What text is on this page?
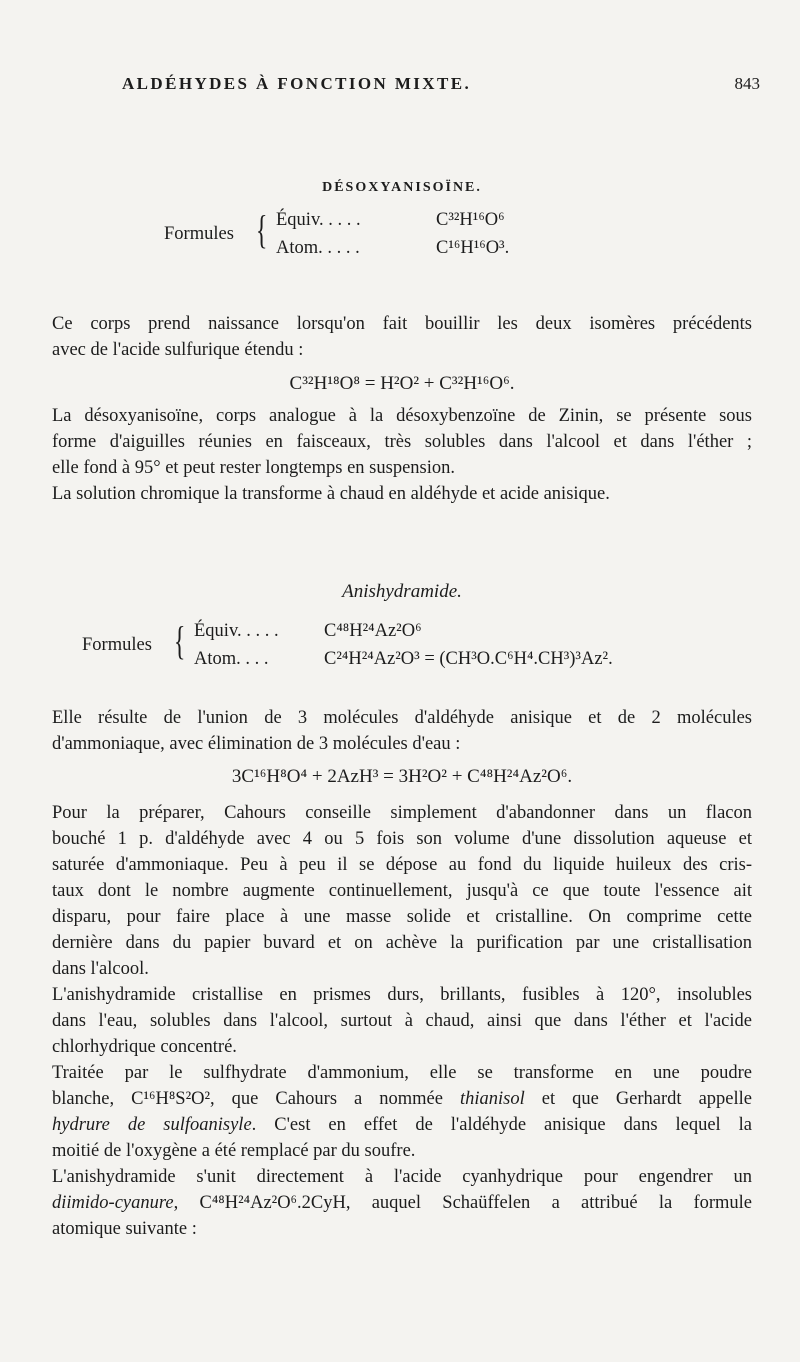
ALDÉHYDES À FONCTION MIXTE.	843
DÉSOXYANISOÏNE.
Formules { Équiv. . . . .	C³²H¹⁶O⁶
Atom. . . . .	C¹⁶H¹⁶O³.

Ce corps prend naissance lorsqu'on fait bouillir les deux isomères précédents
avec de l'acide sulfurique étendu :

C³²H¹⁸O⁸ = H²O² + C³²H¹⁶O⁶.

La désoxyanisoïne, corps analogue à la désoxybenzoïne de Zinin, se présente sous
forme d'aiguilles réunies en faisceaux, très solubles dans l'alcool et dans l'éther ;
elle fond à 95° et peut rester longtemps en suspension.

La solution chromique la transforme à chaud en aldéhyde et acide anisique.

Anishydramide.
Formules { Équiv. . . . . C⁴⁸H²⁴Az²O⁶
Atom. . . .	C²⁴H²⁴Az²O³ = (CH³O.C⁶H⁴.CH³)³Az².

Elle résulte de l'union de 3 molécules d'aldéhyde anisique et de 2 molécules
d'ammoniaque, avec élimination de 3 molécules d'eau :

3C¹⁶H⁸O⁴ + 2AzH³ = 3H²O² + C⁴⁸H²⁴Az²O⁶.

Pour la préparer, Cahours conseille simplement d'abandonner dans un flacon
bouché 1 p. d'aldéhyde avec 4 ou 5 fois son volume d'une dissolution aqueuse et
saturée d'ammoniaque. Peu à peu il se dépose au fond du liquide huileux des cris-
taux dont le nombre augmente continuellement, jusqu'à ce que toute l'essence ait
disparu, pour faire place à une masse solide et cristalline. On comprime cette
dernière dans du papier buvard et on achève la purification par une cristallisation
dans l'alcool.

L'anishydramide cristallise en prismes durs, brillants, fusibles à 120°, insolubles
dans l'eau, solubles dans l'alcool, surtout à chaud, ainsi que dans l'éther et l'acide
chlorhydrique concentré.

Traitée par le sulfhydrate d'ammonium, elle se transforme en une poudre
blanche, C¹⁶H⁸S²O², que Cahours a nommée thianisol et que Gerhardt appelle
hydrure de sulfoanisyle. C'est en effet de l'aldéhyde anisique dans lequel la
moitié de l'oxygène a été remplacé par du soufre.

L'anishydramide s'unit directement à l'acide cyanhydrique pour engendrer un
diimido-cyanure, C⁴⁸H²⁴Az²O⁶.2CyH, auquel Schaüffelen a attribué la formule
atomique suivante :
